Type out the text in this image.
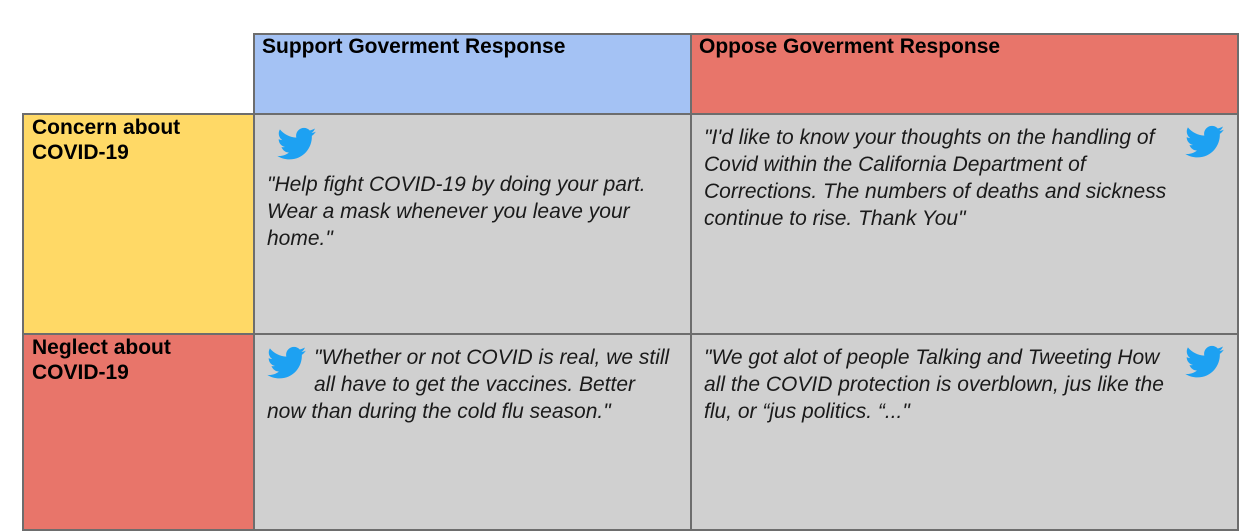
	Support Goverment Response	Oppose Goverment Response
Concern about COVID-19	"Help fight COVID-19 by doing your part. Wear a mask whenever you leave your home."	"I'd like to know your thoughts on the handling of Covid within the California Department of Corrections. The numbers of deaths and sickness continue to rise. Thank You"

Neglect about COVID-19	"Whether or not COVID is real, we still all have to get the vaccines. Better now than during the cold flu season."	"We got alot of people Talking and Tweeting How all the COVID protection is overblown, jus like the flu, or “jus politics. “..."
